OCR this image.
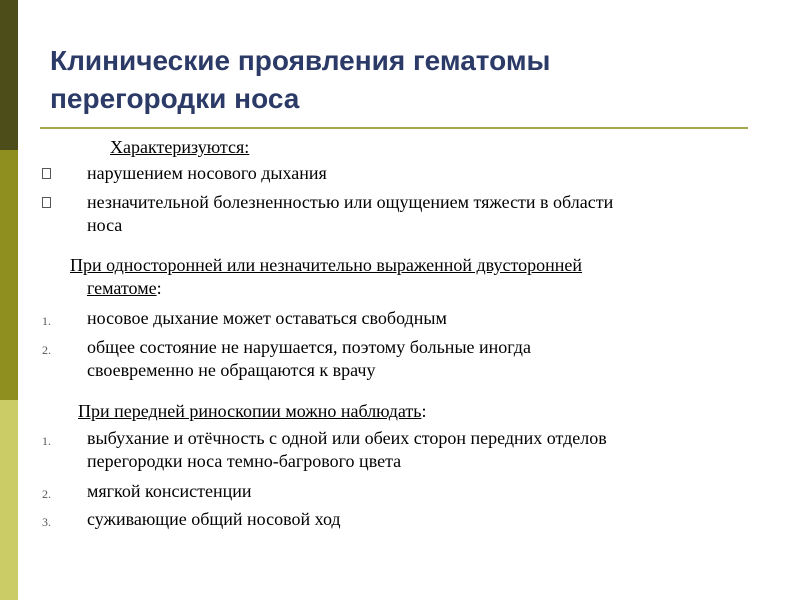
Клинические проявления гематомы
перегородки носа
Характеризуются:
нарушением носового дыхания
незначительной болезненностью или ощущением тяжести в области
носа
При односторонней или незначительно выраженной двусторонней
гематоме:
1. носовое дыхание может оставаться свободным
2. общее состояние не нарушается, поэтому больные иногда
своевременно не обращаются к врачу
При передней риноскопии можно наблюдать:
1. выбухание и отёчность с одной или обеих сторон передних отделов
перегородки носа темно-багрового цвета
2. мягкой консистенции
3. суживающие общий носовой ход
